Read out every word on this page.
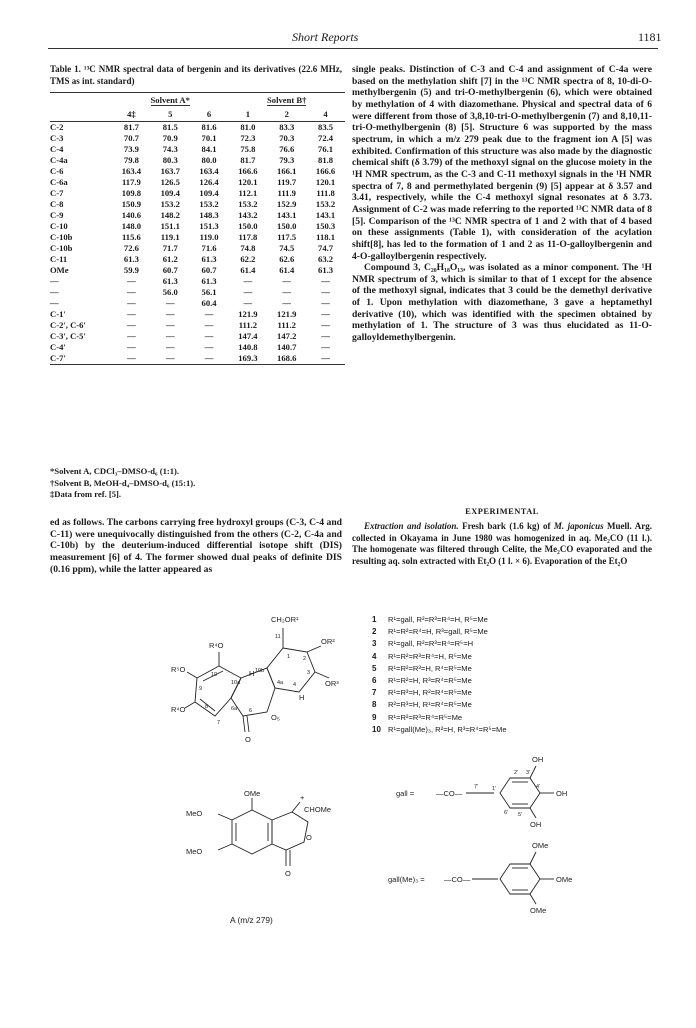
Short Reports	1181
Table 1. ¹³C NMR spectral data of bergenin and its derivatives (22.6 MHz, TMS as int. standard)
	Solvent A*			Solvent B†		
	4‡	5	6	1	2	4
C-2	81.7	81.5	81.6	81.0	83.3	83.5
C-3	70.7	70.9	70.1	72.3	70.3	72.4
C-4	73.9	74.3	84.1	75.8	76.6	76.1
C-4a	79.8	80.3	80.0	81.7	79.3	81.8
C-6	163.4	163.7	163.4	166.6	166.1	166.6
C-6a	117.9	126.5	126.4	120.1	119.7	120.1
C-7	109.8	109.4	109.4	112.1	111.9	111.8
C-8	150.9	153.2	153.2	153.2	152.9	153.2
C-9	140.6	148.2	148.3	143.2	143.1	143.1
C-10	148.0	151.1	151.3	150.0	150.0	150.3
C-10b	115.6	119.1	119.0	117.8	117.5	118.1
C-10b	72.6	71.7	71.6	74.8	74.5	74.7
C-11	61.3	61.2	61.3	62.2	62.6	63.2
OMe	59.9	60.7	60.7	61.4	61.4	61.3
—	—	61.3	61.3	—	—	—
—	—	56.0	56.1	—	—	—
—	—	—	60.4	—	—	—
C-1′	—	—	—	121.9	121.9	—
C-2′, C-6′	—	—	—	111.2	111.2	—
C-3′, C-5′	—	—	—	147.4	147.2	—
C-4′	—	—	—	140.8	140.7	—
C-7′	—	—	—	169.3	168.6	—
*Solvent A, CDCl₃–DMSO-d₆ (1:1).
†Solvent B, MeOH-d₄–DMSO-d₆ (15:1).
‡Data from ref. [5].

single peaks. Distinction of C-3 and C-4 and assignment of C-4a were based on the methylation shift [7] in the ¹³C NMR spectra of 8, 10-di-O-methylbergenin (5) and tri-O-methylbergenin (6), which were obtained by methylation of 4 with diazomethane. Physical and spectral data of 6 were different from those of 3,8,10-tri-O-methylbergenin (7) and 8,10,11-tri-O-methylbergenin (8) [5]. Structure 6 was supported by the mass spectrum, in which a m/z 279 peak due to the fragment ion A [5] was exhibited. Confirmation of this structure was also made by the diagnostic chemical shift (δ 3.79) of the methoxyl signal on the glucose moiety in the ¹H NMR spectrum, as the C-3 and C-11 methoxyl signals in the ¹H NMR spectra of 7, 8 and permethylated bergenin (9) [5] appear at δ 3.57 and 3.41, respectively, while the C-4 methoxyl signal resonates at δ 3.73. Assignment of C-2 was made referring to the reported ¹³C NMR data of 8 [5]. Comparison of the ¹³C NMR spectra of 1 and 2 with that of 4 based on these assignments (Table 1), with consideration of the acylation shift[8], has led to the formation of 1 and 2 as 11-O-galloylbergenin and 4-O-galloylbergenin respectively.

Compound 3, C₂₀H₁₈O₁₃, was isolated as a minor component. The ¹H NMR spectrum of 3, which is similar to that of 1 except for the absence of the methoxyl signal, indicates that 3 could be the demethyl derivative of 1. Upon methylation with diazomethane, 3 gave a heptamethyl derivative (10), which was identified with the specimen obtained by methylation of 1. The structure of 3 was thus elucidated as 11-O-galloyldemethylbergenin.

ed as follows. The carbons carrying free hydroxyl groups (C-3, C-4 and C-11) were unequivocally distinguished from the others (C-2, C-4a and C-10b) by the deuterium-induced differential isotope shift (DIS) measurement [6] of 4. The former showed dual peaks of definite DIS (0.16 ppm), while the latter appeared as
EXPERIMENTAL
Extraction and isolation. Fresh bark (1.6 kg) of M. japonicus Muell. Arg. collected in Okayama in June 1980 was homogenized in aq. Me₂CO (11 l.). The homogenate was filtered through Celite, the Me₂CO evaporated and the resulting aq. soln extracted with Et₂O (1 l. × 6). Evaporation of the Et₂O
CH₂OR¹
OR²
OR³
R⁴O
R⁵O
R⁴O
H
H
O₅
O
11
1 2
3
4
4a
10
10a
10b
9
8
7
6a 6
1 R¹=gall, R²=R³=R⁴=H, R⁵=Me
2 R¹=R²=R⁴=H, R³=gall, R⁵=Me
3 R¹=gall, R²=R³=R⁴=R⁵=H
4 R¹=R²=R³=R⁴=H, R⁵=Me
5 R¹=R²=R³=H, R⁴=R⁵=Me
6 R¹=R²=H, R³=R⁴=R⁵=Me
7 R¹=R³=H, R²=R⁴=R⁵=Me
8 R²=R³=H, R¹=R⁴=R⁵=Me
9 R¹=R²=R³=R⁴=R⁵=Me
10 R¹=gall(Me)₃, R²=H, R³=R⁴=R⁵=Me
gall =	—CO—
OH
OH
OH
1′
2′ 3′
4′
5′
6′
7′
gall(Me)₃ =	—CO—
OMe
OMe
OMe
OMe
MeO
MeO
+
CHOMe
O
O
A (m/z 279)
